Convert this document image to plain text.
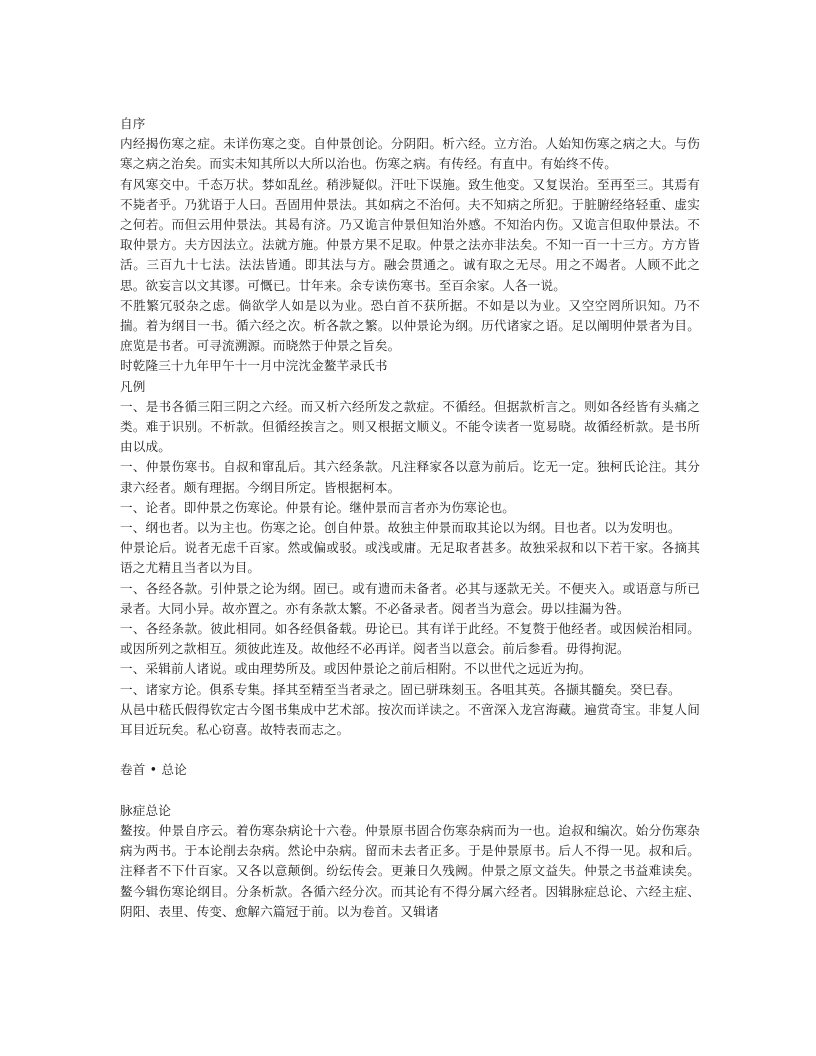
自序

内经揭伤寒之症。未详伤寒之变。自仲景创论。分阴阳。析六经。立方治。人始知伤寒之病之大。与伤寒之病之治矣。而实未知其所以大所以治也。伤寒之病。有传经。有直中。有始终不传。

有风寒交中。千态万状。棼如乱丝。稍涉疑似。汗吐下误施。致生他变。又复误治。至再至三。其焉有不毙者乎。乃犹语于人曰。吾固用仲景法。其如病之不治何。夫不知病之所犯。于脏腑经络轻重、虚实之何若。而但云用仲景法。其曷有济。乃又诡言仲景但知治外感。不知治内伤。又诡言但取仲景法。不取仲景方。夫方因法立。法就方施。仲景方果不足取。仲景之法亦非法矣。不知一百一十三方。方方皆活。三百九十七法。法法皆通。即其法与方。融会贯通之。诚有取之无尽。用之不竭者。人顾不此之思。欲妄言以文其谬。可慨已。廿年来。余专读伤寒书。至百余家。人各一说。

不胜繁冗驳杂之虑。倘欲学人如是以为业。恐白首不获所据。不如是以为业。又空空罔所识知。乃不揣。着为纲目一书。循六经之次。析各款之繁。以仲景论为纲。历代诸家之语。足以阐明仲景者为目。庶览是书者。可寻流溯源。而晓然于仲景之旨矣。

时乾隆三十九年甲午十一月中浣沈金鳌芊录氏书

凡例

一、是书各循三阳三阴之六经。而又析六经所发之款症。不循经。但据款析言之。则如各经皆有头痛之类。难于识别。不析款。但循经挨言之。则又根据文顺义。不能令读者一览易晓。故循经析款。是书所由以成。

一、仲景伤寒书。自叔和窜乱后。其六经条款。凡注释家各以意为前后。讫无一定。独柯氏论注。其分隶六经者。颇有理据。今纲目所定。皆根据柯本。

一、论者。即仲景之伤寒论。仲景有论。继仲景而言者亦为伤寒论也。

一、纲也者。以为主也。伤寒之论。创自仲景。故独主仲景而取其论以为纲。目也者。以为发明也。

仲景论后。说者无虑千百家。然或偏或驳。或浅或庸。无足取者甚多。故独采叔和以下若干家。各摘其语之尤精且当者以为目。

一、各经各款。引仲景之论为纲。固已。或有遗而未备者。必其与逐款无关。不便夹入。或语意与所已录者。大同小异。故亦置之。亦有条款太繁。不必备录者。阅者当为意会。毋以挂漏为咎。

一、各经条款。彼此相同。如各经俱备载。毋论已。其有详于此经。不复赘于他经者。或因候治相同。或因所列之款相互。须彼此连及。故他经不必再详。阅者当以意会。前后参看。毋得拘泥。

一、采辑前人诸说。或由理势所及。或因仲景论之前后相附。不以世代之远近为拘。

一、诸家方论。俱系专集。择其至精至当者录之。固已骈珠刻玉。各咀其英。各撷其髓矣。癸巳春。

从邑中嵇氏假得钦定古今图书集成中艺术部。按次而详读之。不啻深入龙宫海藏。遍赏奇宝。非复人间耳目近玩矣。私心窃喜。故特表而志之。

卷首 • 总论
脉症总论

鳌按。仲景自序云。着伤寒杂病论十六卷。仲景原书固合伤寒杂病而为一也。迨叔和编次。始分伤寒杂病为两书。于本论削去杂病。然论中杂病。留而未去者正多。于是仲景原书。后人不得一见。叔和后。注释者不下什百家。又各以意颠倒。纷纭传会。更兼日久残阙。仲景之原文益失。仲景之书益难读矣。鳌今辑伤寒论纲目。分条析款。各循六经分次。而其论有不得分属六经者。因辑脉症总论、六经主症、阴阳、表里、传变、愈解六篇冠于前。以为卷首。又辑诸
